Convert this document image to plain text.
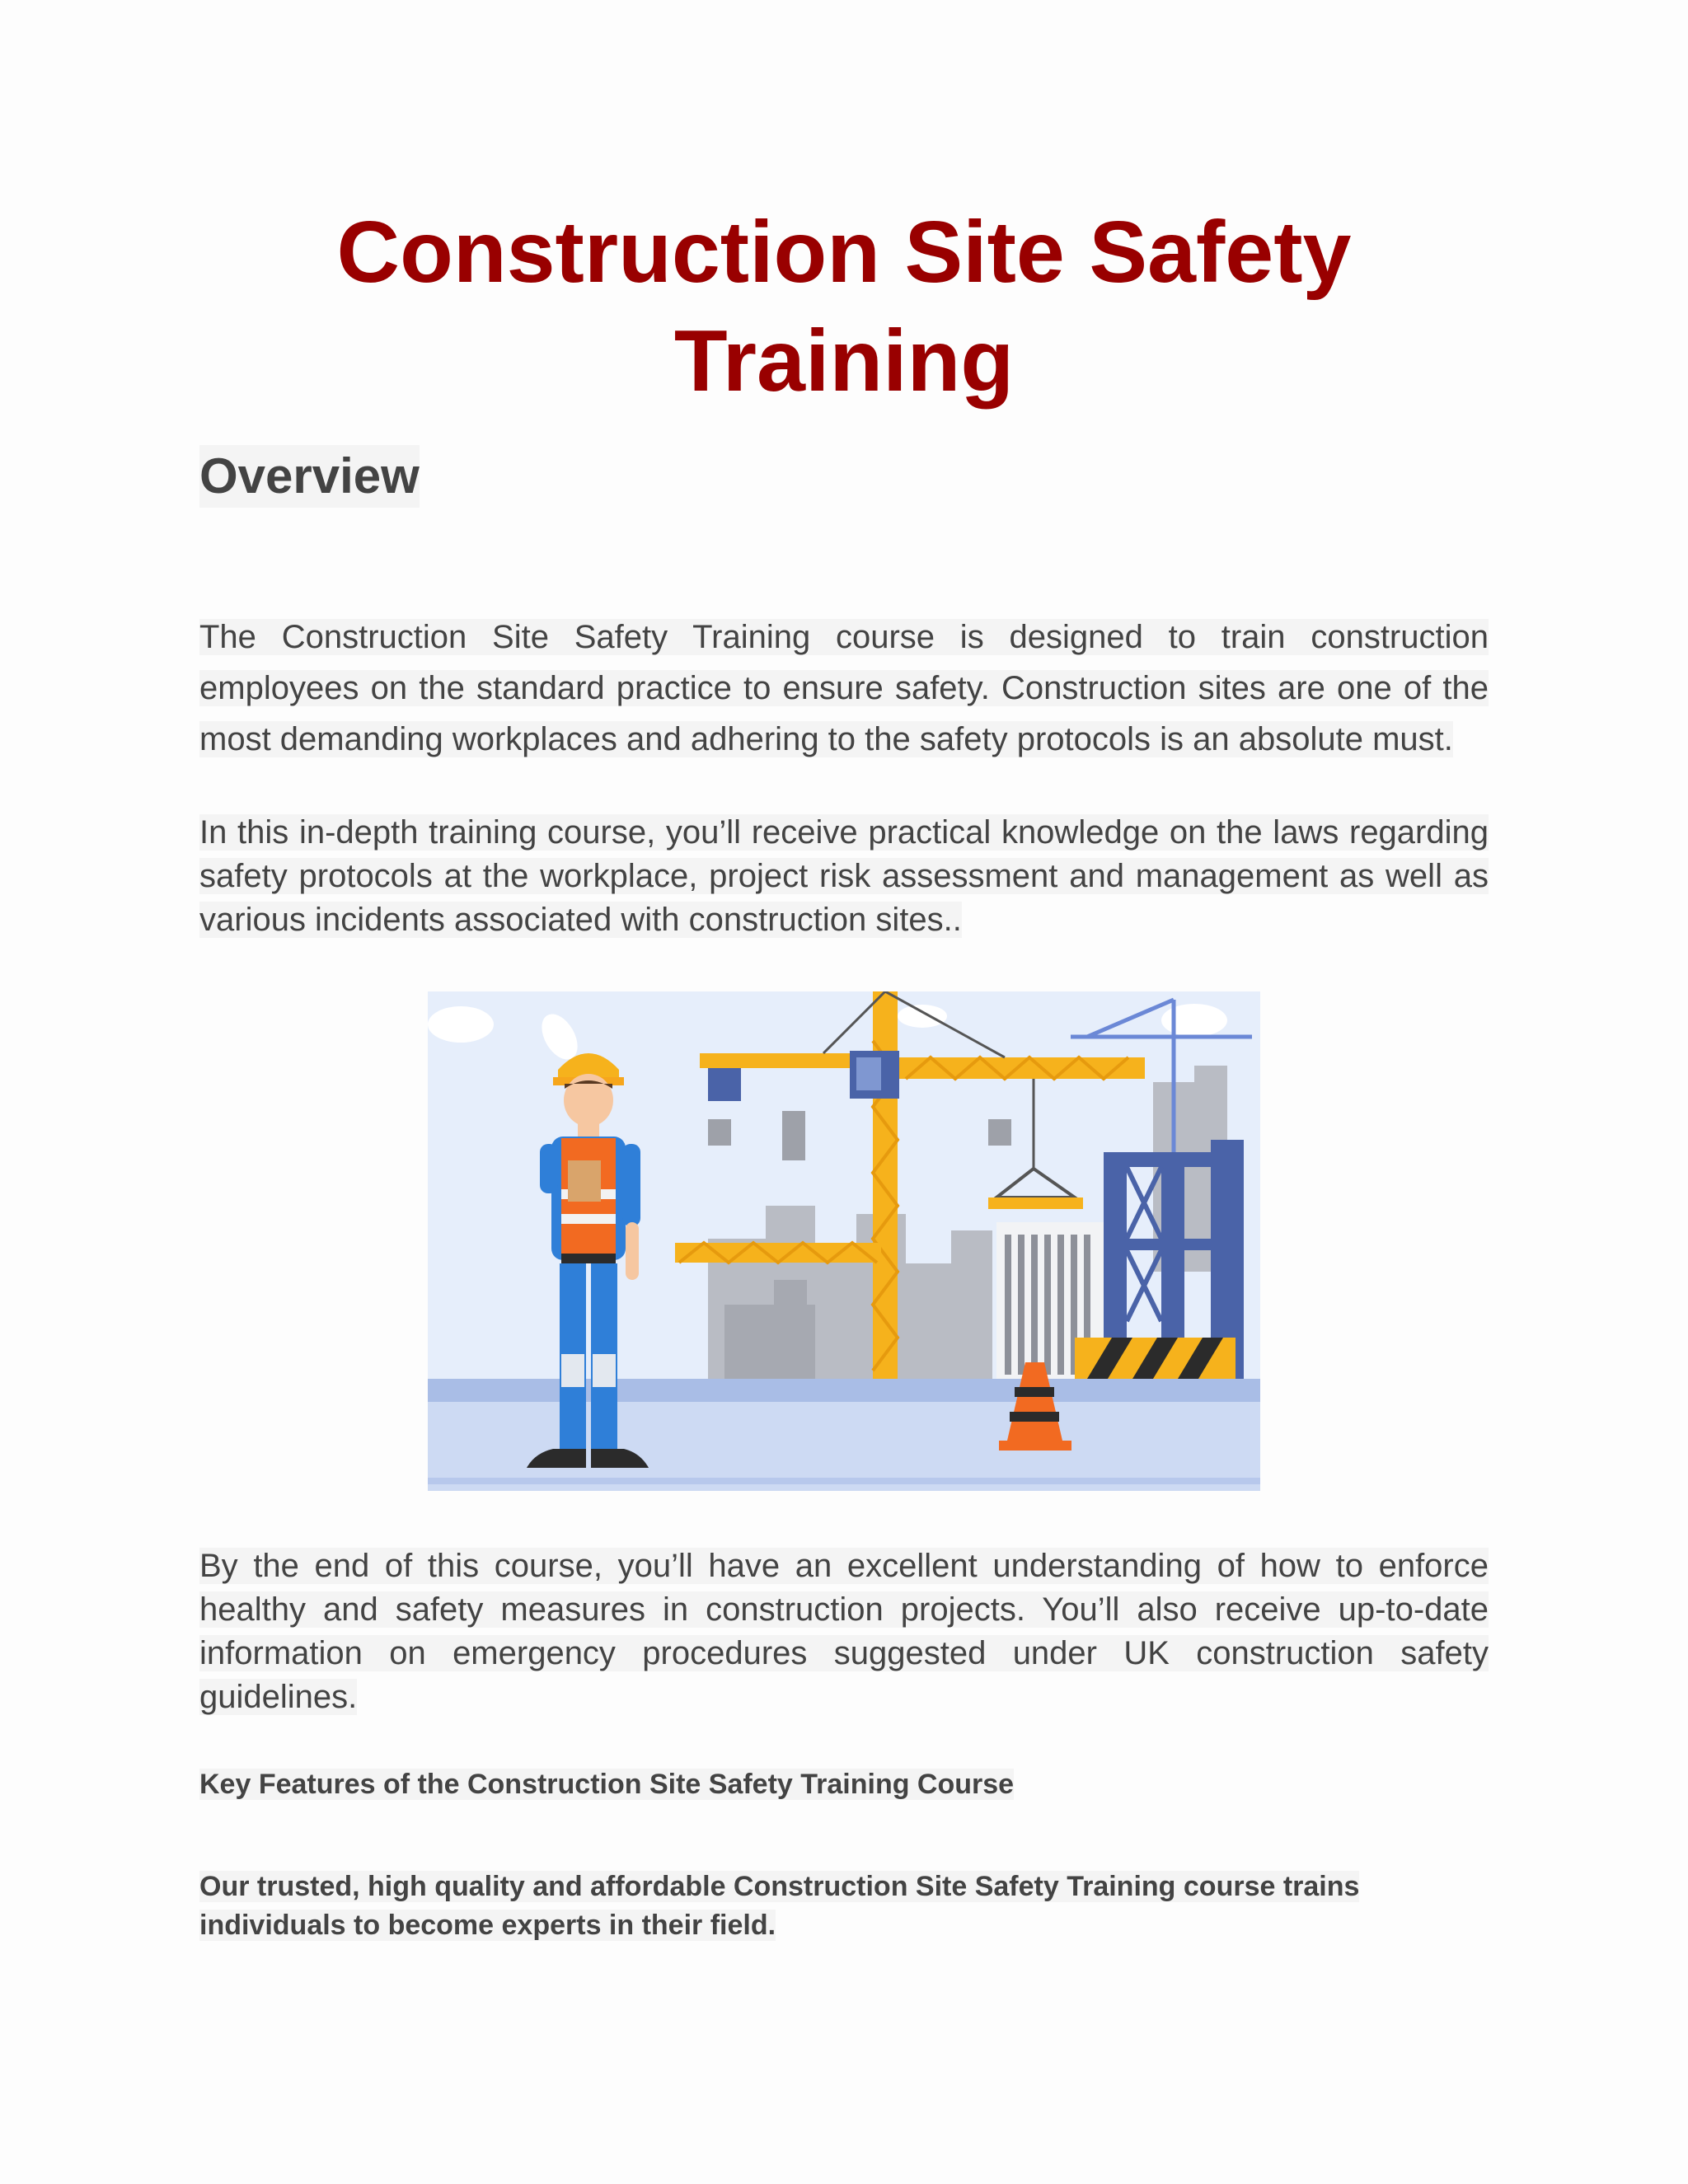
Construction Site Safety Training
Overview

The Construction Site Safety Training course is designed to train construction employees on the standard practice to ensure safety. Construction sites are one of the most demanding workplaces and adhering to the safety protocols is an absolute must.

In this in-depth training course, you’ll receive practical knowledge on the laws regarding safety protocols at the workplace, project risk assessment and management as well as various incidents associated with construction sites..

By the end of this course, you’ll have an excellent understanding of how to enforce healthy and safety measures in construction projects. You’ll also receive up-to-date information on emergency procedures suggested under UK construction safety guidelines.

Key Features of the Construction Site Safety Training Course

Our trusted, high quality and affordable Construction Site Safety Training course trains individuals to become experts in their field.
